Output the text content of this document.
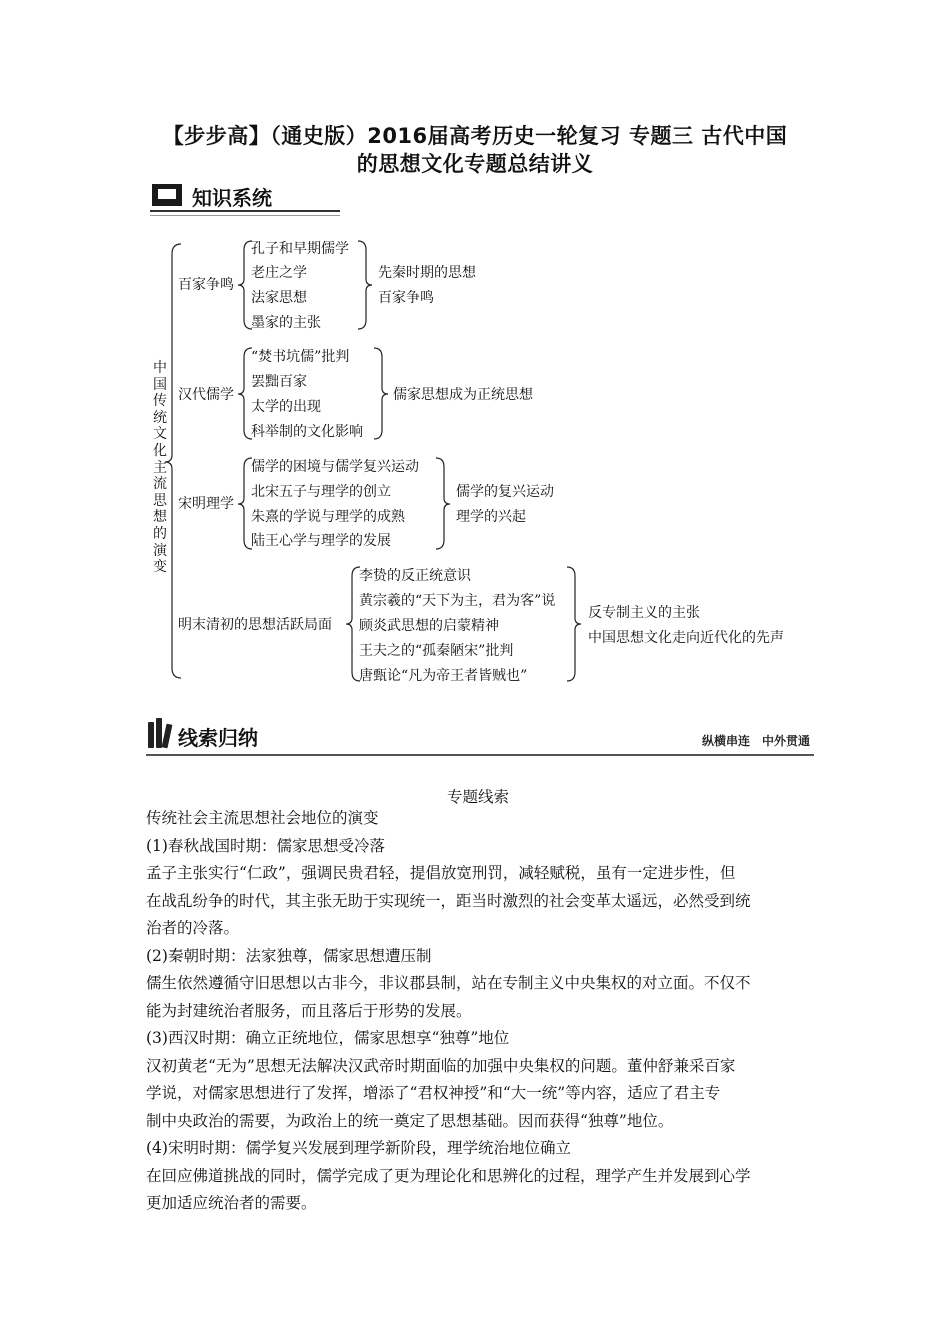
【步步高】（通史版）2016届高考历史一轮复习 专题三 古代中国
的思想文化专题总结讲义
知识系统
中
国
传
统
文
化
主
流
思
想
的
演
变
百家争鸣
孔子和早期儒学
老庄之学
法家思想
墨家的主张
先秦时期的思想
百家争鸣
汉代儒学
“焚书坑儒”批判
罢黜百家
太学的出现
科举制的文化影响
儒家思想成为正统思想
宋明理学
儒学的困境与儒学复兴运动
北宋五子与理学的创立
朱熹的学说与理学的成熟
陆王心学与理学的发展
儒学的复兴运动
理学的兴起
明末清初的思想活跃局面
李贽的反正统意识
黄宗羲的“天下为主，君为客”说
顾炎武思想的启蒙精神
王夫之的“孤秦陋宋”批判
唐甄论“凡为帝王者皆贼也”
反专制主义的主张
中国思想文化走向近代化的先声
线索归纳	纵横串连　中外贯通
专题线索
传统社会主流思想社会地位的演变
(1)春秋战国时期：儒家思想受冷落
孟子主张实行“仁政”，强调民贵君轻，提倡放宽刑罚，减轻赋税，虽有一定进步性，但
在战乱纷争的时代，其主张无助于实现统一，距当时激烈的社会变革太遥远，必然受到统
治者的冷落。
(2)秦朝时期：法家独尊，儒家思想遭压制
儒生依然遵循守旧思想以古非今，非议郡县制，站在专制主义中央集权的对立面。不仅不
能为封建统治者服务，而且落后于形势的发展。
(3)西汉时期：确立正统地位，儒家思想享“独尊”地位
汉初黄老“无为”思想无法解决汉武帝时期面临的加强中央集权的问题。董仲舒兼采百家
学说，对儒家思想进行了发挥，增添了“君权神授”和“大一统”等内容，适应了君主专
制中央政治的需要，为政治上的统一奠定了思想基础。因而获得“独尊”地位。
(4)宋明时期：儒学复兴发展到理学新阶段，理学统治地位确立
在回应佛道挑战的同时，儒学完成了更为理论化和思辨化的过程，理学产生并发展到心学
更加适应统治者的需要。
